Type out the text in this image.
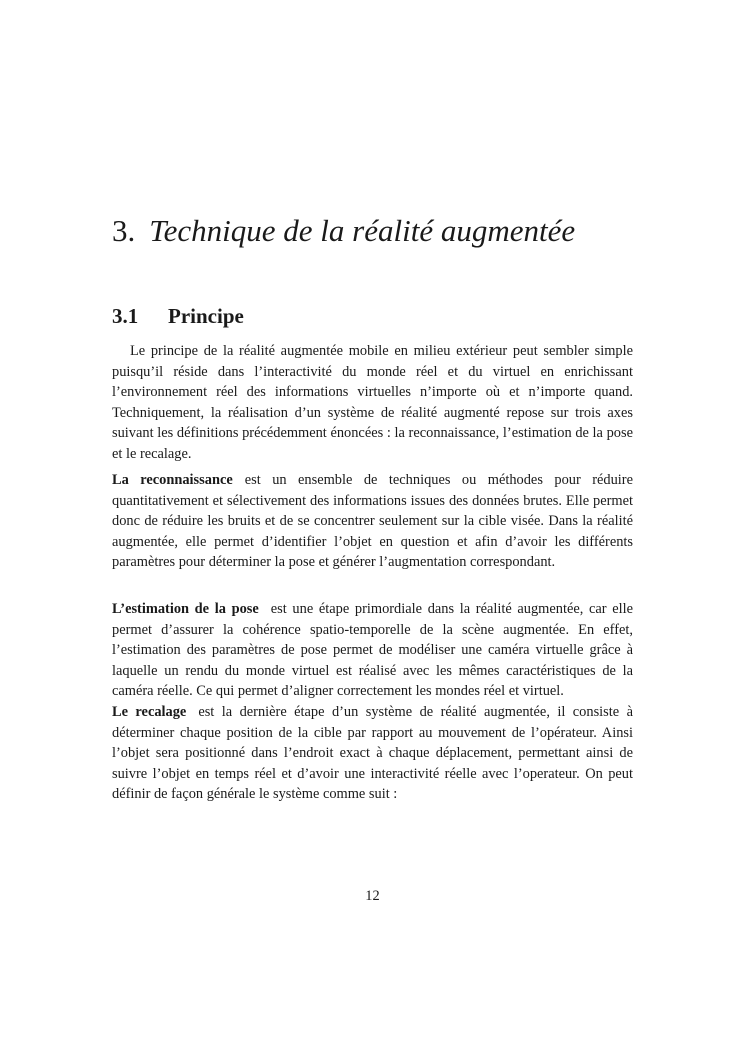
3. Technique de la réalité augmentée
3.1 Principe

Le principe de la réalité augmentée mobile en milieu extérieur peut sembler simple puisqu’il réside dans l’interactivité du monde réel et du virtuel en enrichissant l’environnement réel des informations virtuelles n’importe où et n’importe quand. Techniquement, la réalisation d’un système de réalité augmenté repose sur trois axes suivant les définitions précédemment énoncées : la reconnaissance, l’estimation de la pose et le recalage.

La reconnaissance est un ensemble de techniques ou méthodes pour réduire quantitativement et sélectivement des informations issues des données brutes. Elle permet donc de réduire les bruits et de se concentrer seulement sur la cible visée. Dans la réalité augmentée, elle permet d’identifier l’objet en question et afin d’avoir les différents paramètres pour déterminer la pose et générer l’augmentation correspondant.

L’estimation de la pose est une étape primordiale dans la réalité augmentée, car elle permet d’assurer la cohérence spatio-temporelle de la scène augmentée. En effet, l’estimation des paramètres de pose permet de modéliser une caméra virtuelle grâce à laquelle un rendu du monde virtuel est réalisé avec les mêmes caractéristiques de la caméra réelle. Ce qui permet d’aligner correctement les mondes réel et virtuel.

Le recalage est la dernière étape d’un système de réalité augmentée, il consiste à déterminer chaque position de la cible par rapport au mouvement de l’opérateur. Ainsi l’objet sera positionné dans l’endroit exact à chaque déplacement, permettant ainsi de suivre l’objet en temps réel et d’avoir une interactivité réelle avec l’operateur. On peut définir de façon générale le système comme suit :

12
